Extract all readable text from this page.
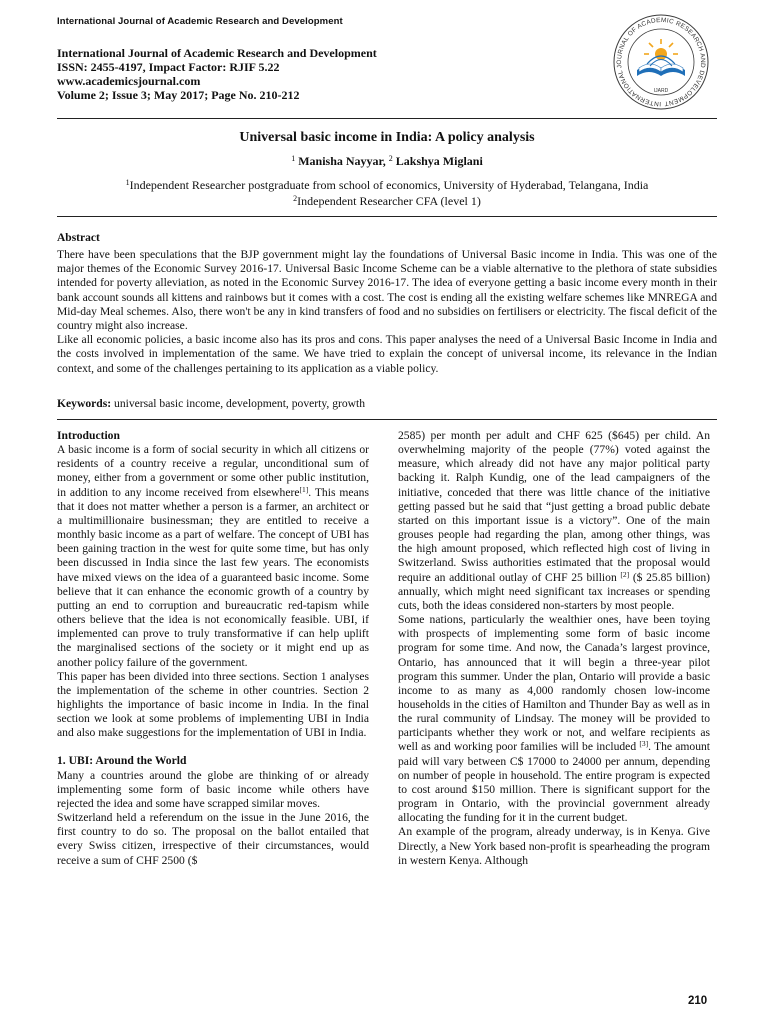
International Journal of Academic Research and Development
International Journal of Academic Research and Development
ISSN: 2455-4197, Impact Factor: RJIF 5.22
www.academicsjournal.com
Volume 2; Issue 3; May 2017; Page No. 210-212
INTERNATIONAL JOURNAL OF ACADEMIC RESEARCH AND DEVELOPMENT
IJARD
Universal basic income in India: A policy analysis
$^1$ Manisha Nayyar, $^2$ Lakshya Miglani
$^1$Independent Researcher postgraduate from school of economics, University of Hyderabad, Telangana, India
$^2$Independent Researcher CFA (level 1)
Abstract

There have been speculations that the BJP government might lay the foundations of Universal Basic income in India. This was one of the major themes of the Economic Survey 2016-17. Universal Basic Income Scheme can be a viable alternative to the plethora of state subsidies intended for poverty alleviation, as noted in the Economic Survey 2016-17. The idea of everyone getting a basic income every month in their bank account sounds all kittens and rainbows but it comes with a cost. The cost is ending all the existing welfare schemes like MNREGA and Mid-day Meal schemes. Also, there won't be any in kind transfers of food and no subsidies on fertilisers or electricity. The fiscal deficit of the country might also increase.

Like all economic policies, a basic income also has its pros and cons. This paper analyses the need of a Universal Basic Income in India and the costs involved in implementation of the same. We have tried to explain the concept of universal income, its relevance in the Indian context, and some of the challenges pertaining to its application as a viable policy.

Keywords: universal basic income, development, poverty, growth

Introduction

A basic income is a form of social security in which all citizens or residents of a country receive a regular, unconditional sum of money, either from a government or some other public institution, in addition to any income received from elsewhere[1]. This means that it does not matter whether a person is a farmer, an architect or a multimillionaire businessman; they are entitled to receive a monthly basic income as a part of welfare. The concept of UBI has been gaining traction in the west for quite some time, but has only been discussed in India since the last few years. The economists have mixed views on the idea of a guaranteed basic income. Some believe that it can enhance the economic growth of a country by putting an end to corruption and bureaucratic red-tapism while others believe that the idea is not economically feasible. UBI, if implemented can prove to truly transformative if can help uplift the marginalised sections of the society or it might end up as another policy failure of the government.

This paper has been divided into three sections. Section 1 analyses the implementation of the scheme in other countries. Section 2 highlights the importance of basic income in India. In the final section we look at some problems of implementing UBI in India and also make suggestions for the implementation of UBI in India.

1. UBI: Around the World

Many a countries around the globe are thinking of or already implementing some form of basic income while others have rejected the idea and some have scrapped similar moves.

Switzerland held a referendum on the issue in the June 2016, the first country to do so. The proposal on the ballot entailed that every Swiss citizen, irrespective of their circumstances, would receive a sum of CHF 2500 ($

2585) per month per adult and CHF 625 ($645) per child. An overwhelming majority of the people (77%) voted against the measure, which already did not have any major political party backing it. Ralph Kundig, one of the lead campaigners of the initiative, conceded that there was little chance of the initiative getting passed but he said that “just getting a broad public debate started on this important issue is a victory”. One of the main grouses people had regarding the plan, among other things, was the high amount proposed, which reflected high cost of living in Switzerland. Swiss authorities estimated that the proposal would require an additional outlay of CHF 25 billion [2] ($ 25.85 billion) annually, which might need significant tax increases or spending cuts, both the ideas considered non-starters by most people.

Some nations, particularly the wealthier ones, have been toying with prospects of implementing some form of basic income program for some time. And now, the Canada’s largest province, Ontario, has announced that it will begin a three-year pilot program this summer. Under the plan, Ontario will provide a basic income to as many as 4,000 randomly chosen low-income households in the cities of Hamilton and Thunder Bay as well as in the rural community of Lindsay. The money will be provided to participants whether they work or not, and welfare recipients as well as and working poor families will be included [3]. The amount paid will vary between C$ 17000 to 24000 per annum, depending on number of people in household. The entire program is expected to cost around $150 million. There is significant support for the program in Ontario, with the provincial government already allocating the funding for it in the current budget.

An example of the program, already underway, is in Kenya. Give Directly, a New York based non-profit is spearheading the program in western Kenya. Although

210
